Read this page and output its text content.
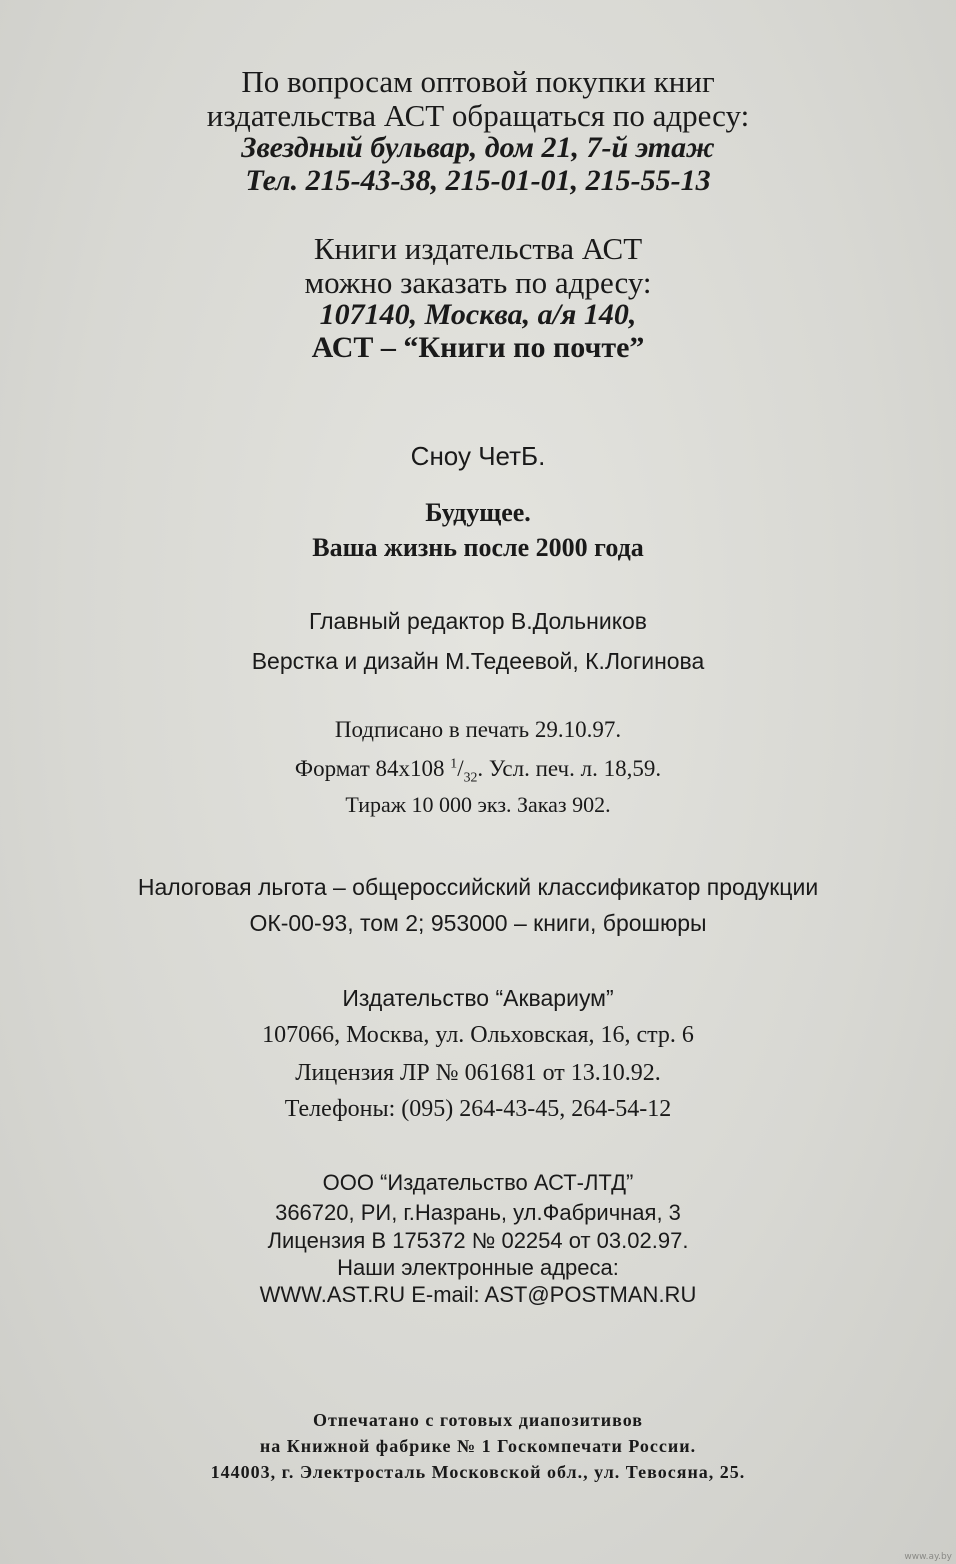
По вопросам оптовой покупки книг
издательства АСТ обращаться по адресу:
Звездный бульвар, дом 21, 7-й этаж
Тел. 215-43-38, 215-01-01, 215-55-13
Книги издательства АСТ
можно заказать по адресу:
107140, Москва, а/я 140,
АСТ – “Книги по почте”
Сноу ЧетБ.
Будущее.
Ваша жизнь после 2000 года
Главный редактор В.Дольников
Верстка и дизайн М.Тедеевой, К.Логинова
Подписано в печать 29.10.97.
Формат 84х108 $^1/_{32}$. Усл. печ. л. 18,59.
Тираж 10 000 экз. Заказ 902.
Налоговая льгота – общероссийский классификатор продукции
ОК-00-93, том 2; 953000 – книги, брошюры
Издательство “Аквариум”
107066, Москва, ул. Ольховская, 16, стр. 6
Лицензия ЛР № 061681 от 13.10.92.
Телефоны: (095) 264-43-45, 264-54-12
ООО “Издательство АСТ-ЛТД”
366720, РИ, г.Назрань, ул.Фабричная, 3
Лицензия В 175372 № 02254 от 03.02.97.
Наши электронные адреса:
WWW.AST.RU E-mail: AST@POSTMAN.RU
Отпечатано с готовых диапозитивов
на Книжной фабрике № 1 Госкомпечати России.
144003, г. Электросталь Московской обл., ул. Тевосяна, 25.
www.ay.by
